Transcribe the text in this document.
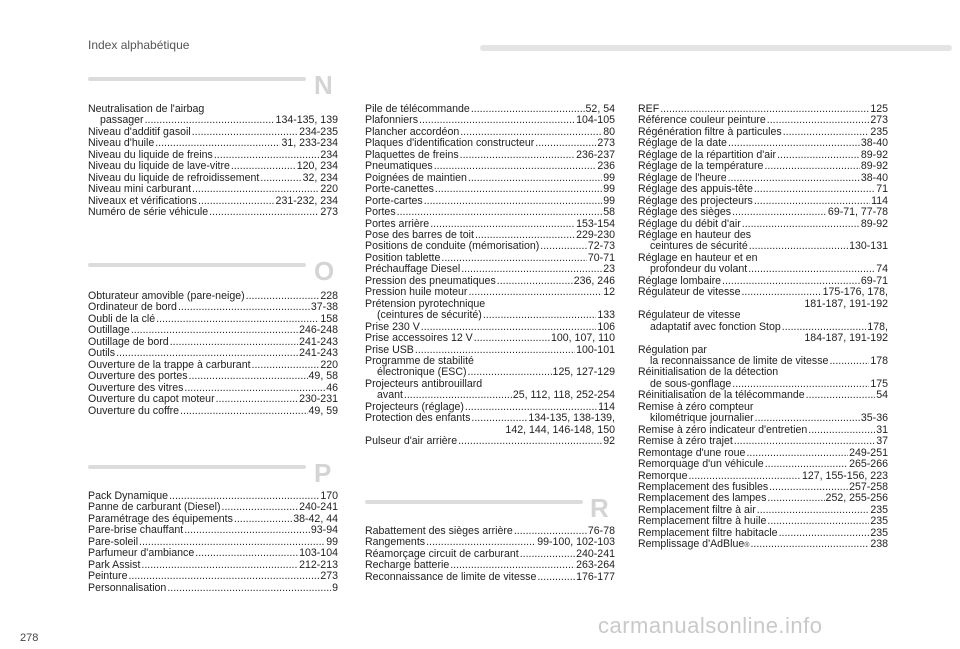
Index alphabétique
N
Neutralisation de l'airbag
passager .....	134-135, 139
Niveau d'additif gasoil .....	234-235
Niveau d'huile .....	31, 233-234
Niveau du liquide de freins .....	234
Niveau du liquide de lave-vitre .....	120, 234
Niveau du liquide de refroidissement .....	32, 234
Niveau mini carburant .....	220
Niveaux et vérifications .....	231-232, 234
Numéro de série véhicule .....	273
O
Obturateur amovible (pare-neige) .....	228
Ordinateur de bord .....	37-38
Oubli de la clé .....	158
Outillage .....	246-248
Outillage de bord .....	241-243
Outils .....	241-243
Ouverture de la trappe à carburant .....	220
Ouverture des portes .....	49, 58
Ouverture des vitres .....	46
Ouverture du capot moteur .....	230-231
Ouverture du coffre .....	49, 59
P
Pack Dynamique .....	170
Panne de carburant (Diesel) .....	240-241
Paramétrage des équipements .....	38-42, 44
Pare-brise chauffant .....	93-94
Pare-soleil .....	99
Parfumeur d'ambiance .....	103-104
Park Assist .....	212-213
Peinture .....	273
Personnalisation .....	9
Pile de télécommande .....	52, 54
Plafonniers .....	104-105
Plancher accordéon .....	80
Plaques d'identification constructeur .....	273
Plaquettes de freins .....	236-237
Pneumatiques .....	236
Poignées de maintien .....	99
Porte-canettes .....	99
Porte-cartes .....	99
Portes .....	58
Portes arrière .....	153-154
Pose des barres de toit .....	229-230
Positions de conduite (mémorisation) .....	72-73
Position tablette .....	70-71
Préchauffage Diesel .....	23
Pression des pneumatiques .....	236, 246
Pression huile moteur .....	12
Prétension pyrotechnique
(ceintures de sécurité) .....	133
Prise 230 V .....	106
Prise accessoires 12 V .....	100, 107, 110
Prise USB .....	100-101
Programme de stabilité
électronique (ESC) .....	125, 127-129
Projecteurs antibrouillard
avant .....	25, 112, 118, 252-254
Projecteurs (réglage) .....	114
Protection des enfants .....	134-135, 138-139,
142, 144, 146-148, 150
Pulseur d'air arrière .....	92
R
Rabattement des sièges arrière .....	76-78
Rangements .....	99-100, 102-103
Réamorçage circuit de carburant .....	240-241
Recharge batterie .....	263-264
Reconnaissance de limite de vitesse .....	176-177
REF .....	125
Référence couleur peinture .....	273
Régénération filtre à particules .....	235
Réglage de la date .....	38-40
Réglage de la répartition d'air .....	89-92
Réglage de la température .....	89-92
Réglage de l'heure .....	38-40
Réglage des appuis-tête .....	71
Réglage des projecteurs .....	114
Réglage des sièges .....	69-71, 77-78
Réglage du débit d'air .....	89-92
Réglage en hauteur des
ceintures de sécurité .....	130-131
Réglage en hauteur et en
profondeur du volant .....	74
Réglage lombaire .....	69-71
Régulateur de vitesse .....	175-176, 178,
181-187, 191-192
Régulateur de vitesse
adaptatif avec fonction Stop .....	178,
184-187, 191-192
Régulation par
la reconnaissance de limite de vitesse .....	178
Réinitialisation de la détection
de sous-gonflage .....	175
Réinitialisation de la télécommande .....	54
Remise à zéro compteur
kilométrique journalier .....	35-36
Remise à zéro indicateur d'entretien .....	31
Remise à zéro trajet .....	37
Remontage d'une roue .....	249-251
Remorquage d'un véhicule .....	265-266
Remorque .....	127, 155-156, 223
Remplacement des fusibles .....	257-258
Remplacement des lampes .....	252, 255-256
Remplacement filtre à air .....	235
Remplacement filtre à huile .....	235
Remplacement filtre habitacle .....	235
Remplissage d'AdBlue ® .....	238
278	carmanualsonline.info
